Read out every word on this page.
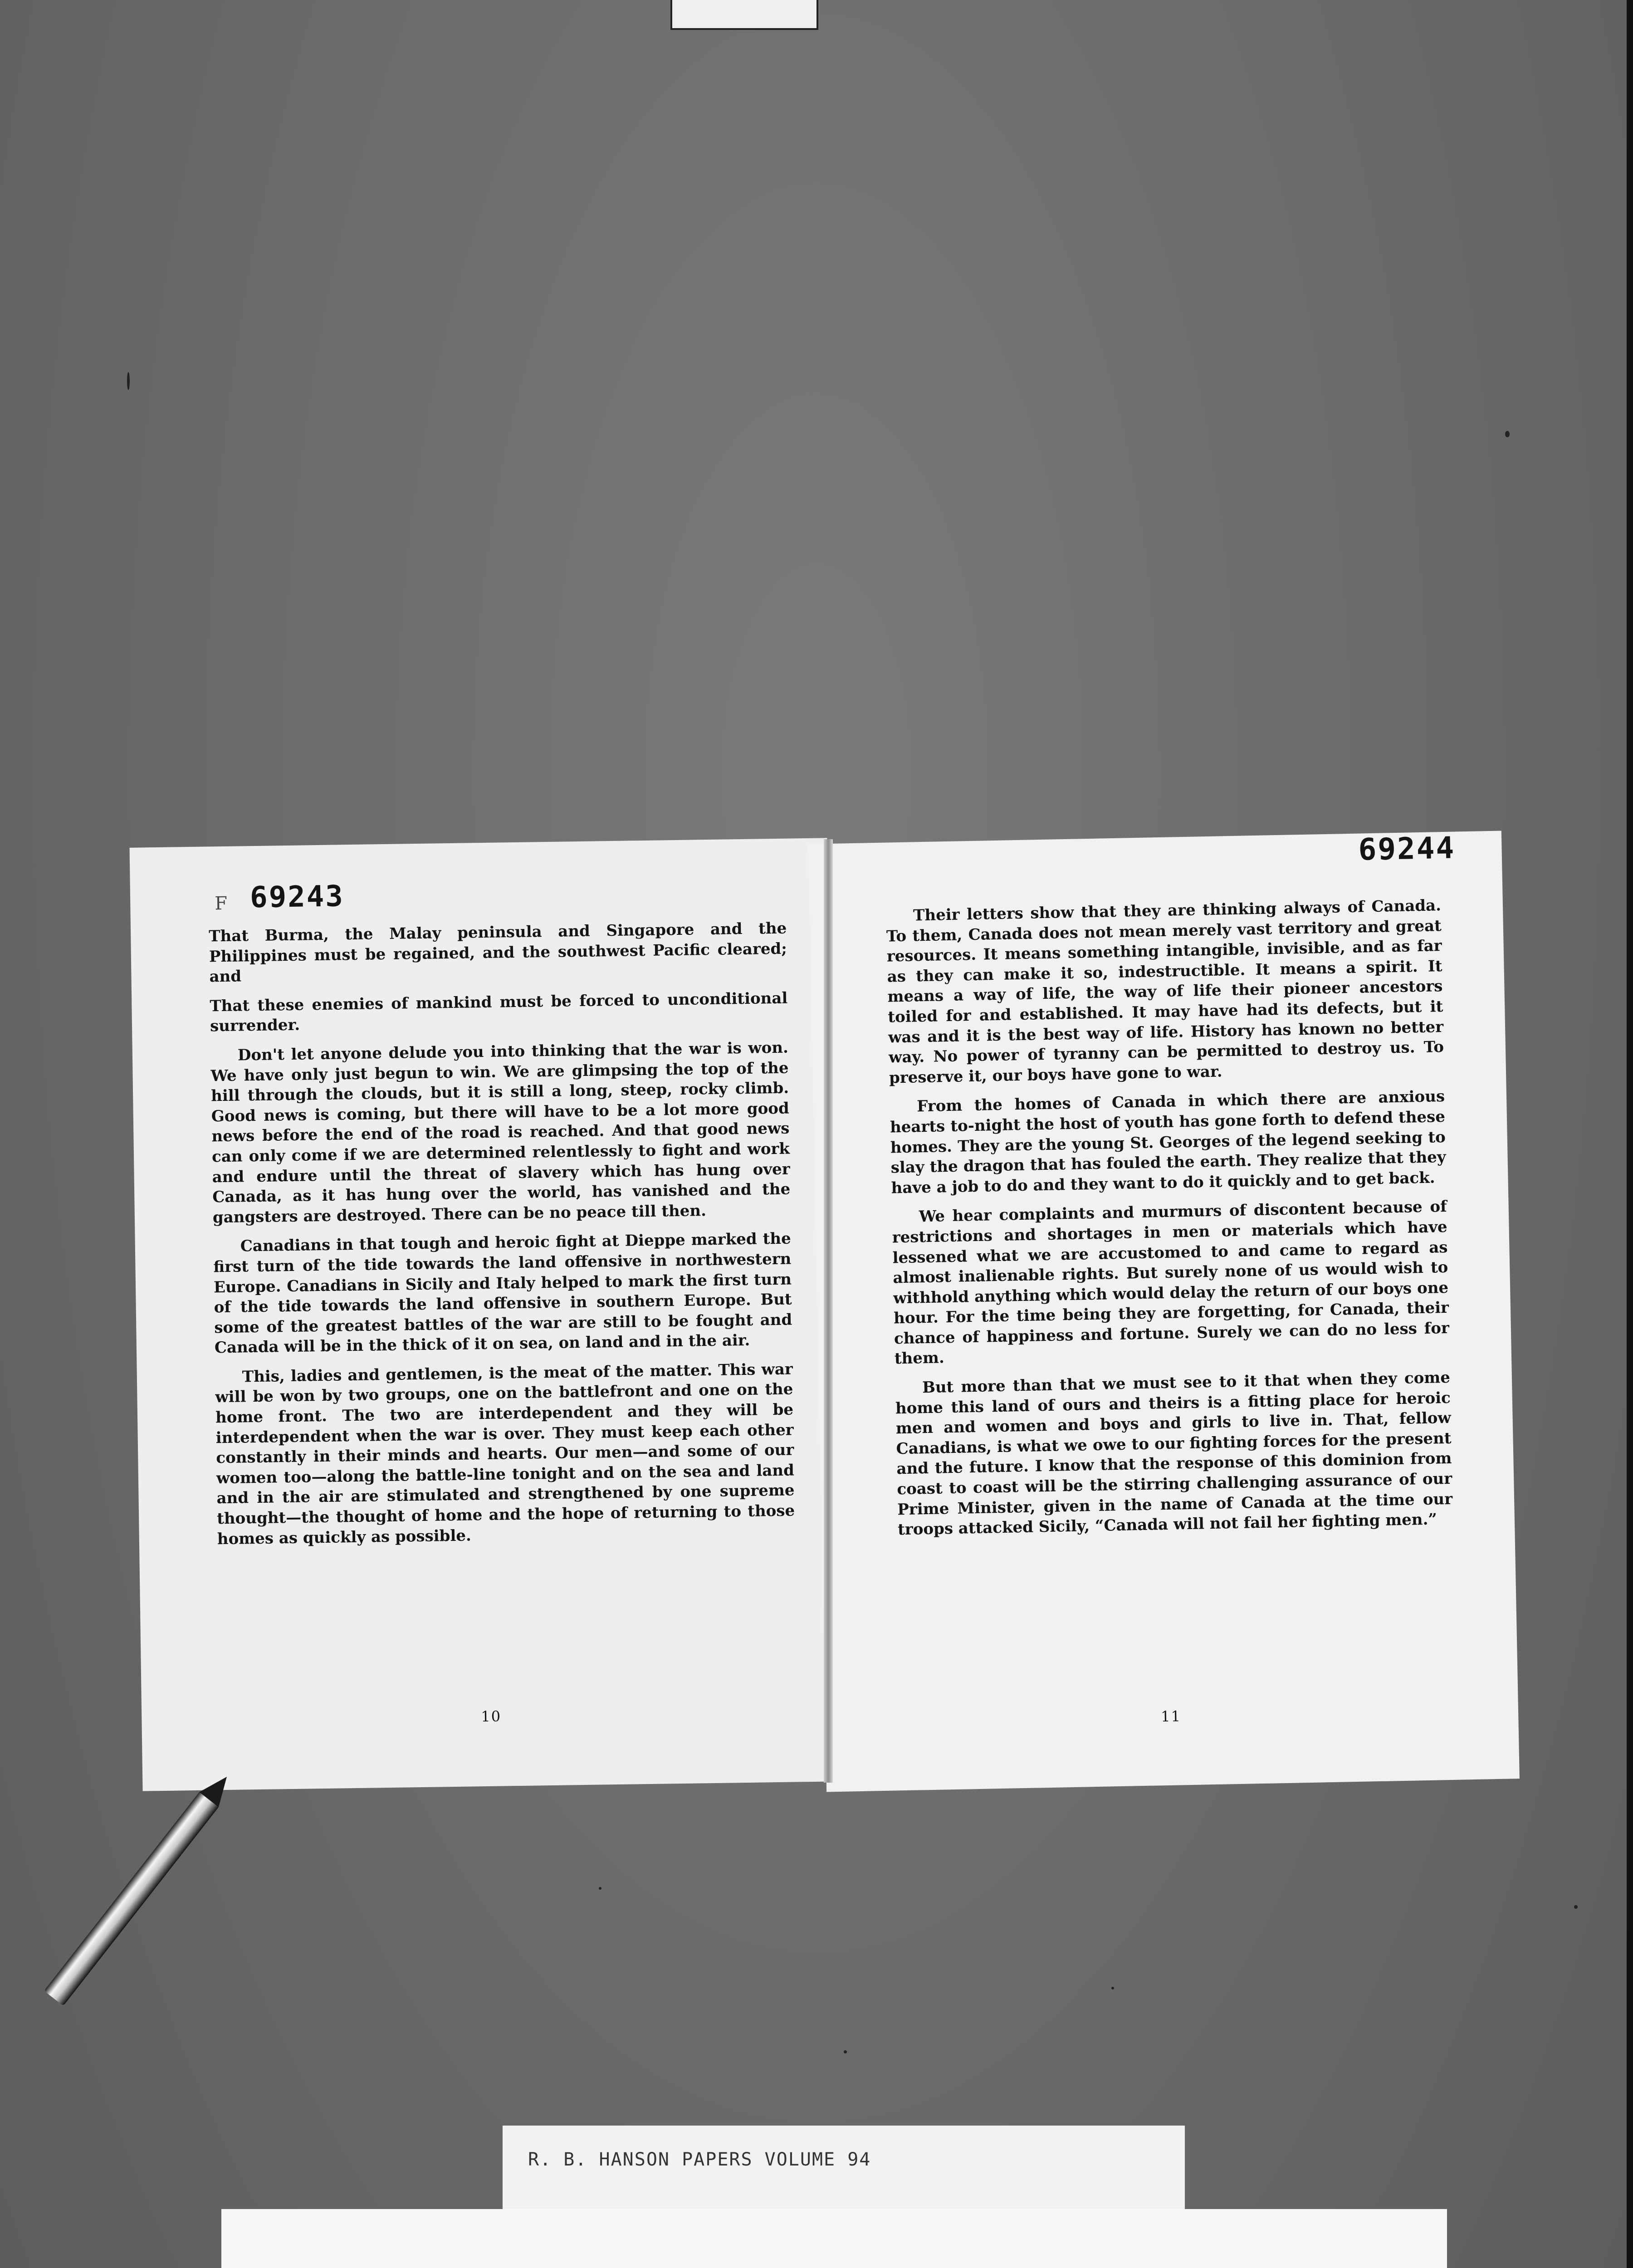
F 69243

That Burma, the Malay peninsula and Singapore and the Philippines must be regained, and the southwest Pacific cleared; and

That these enemies of mankind must be forced to unconditional surrender.

Don't let anyone delude you into thinking that the war is won. We have only just begun to win. We are glimpsing the top of the hill through the clouds, but it is still a long, steep, rocky climb. Good news is coming, but there will have to be a lot more good news before the end of the road is reached. And that good news can only come if we are determined relentlessly to fight and work and endure until the threat of slavery which has hung over Canada, as it has hung over the world, has vanished and the gangsters are destroyed. There can be no peace till then.

Canadians in that tough and heroic fight at Dieppe marked the first turn of the tide towards the land offensive in northwestern Europe. Canadians in Sicily and Italy helped to mark the first turn of the tide towards the land offensive in southern Europe. But some of the greatest battles of the war are still to be fought and Canada will be in the thick of it on sea, on land and in the air.

This, ladies and gentlemen, is the meat of the matter. This war will be won by two groups, one on the battlefront and one on the home front. The two are interdependent and they will be interdependent when the war is over. They must keep each other constantly in their minds and hearts. Our men—and some of our women too—along the battle-line tonight and on the sea and land and in the air are stimulated and strengthened by one supreme thought—the thought of home and the hope of returning to those homes as quickly as possible.

10
69244

Their letters show that they are thinking always of Canada. To them, Canada does not mean merely vast territory and great resources. It means something intangible, invisible, and as far as they can make it so, indestructible. It means a spirit. It means a way of life, the way of life their pioneer ancestors toiled for and established. It may have had its defects, but it was and it is the best way of life. History has known no better way. No power of tyranny can be permitted to destroy us. To preserve it, our boys have gone to war.

From the homes of Canada in which there are anxious hearts to-night the host of youth has gone forth to defend these homes. They are the young St. Georges of the legend seeking to slay the dragon that has fouled the earth. They realize that they have a job to do and they want to do it quickly and to get back.

We hear complaints and murmurs of discontent because of restrictions and shortages in men or materials which have lessened what we are accustomed to and came to regard as almost inalienable rights. But surely none of us would wish to withhold anything which would delay the return of our boys one hour. For the time being they are forgetting, for Canada, their chance of happiness and fortune. Surely we can do no less for them.

But more than that we must see to it that when they come home this land of ours and theirs is a fitting place for heroic men and women and boys and girls to live in. That, fellow Canadians, is what we owe to our fighting forces for the present and the future. I know that the response of this dominion from coast to coast will be the stirring challenging assurance of our Prime Minister, given in the name of Canada at the time our troops attacked Sicily, “Canada will not fail her fighting men.”

11
R. B. HANSON PAPERS VOLUME 94
